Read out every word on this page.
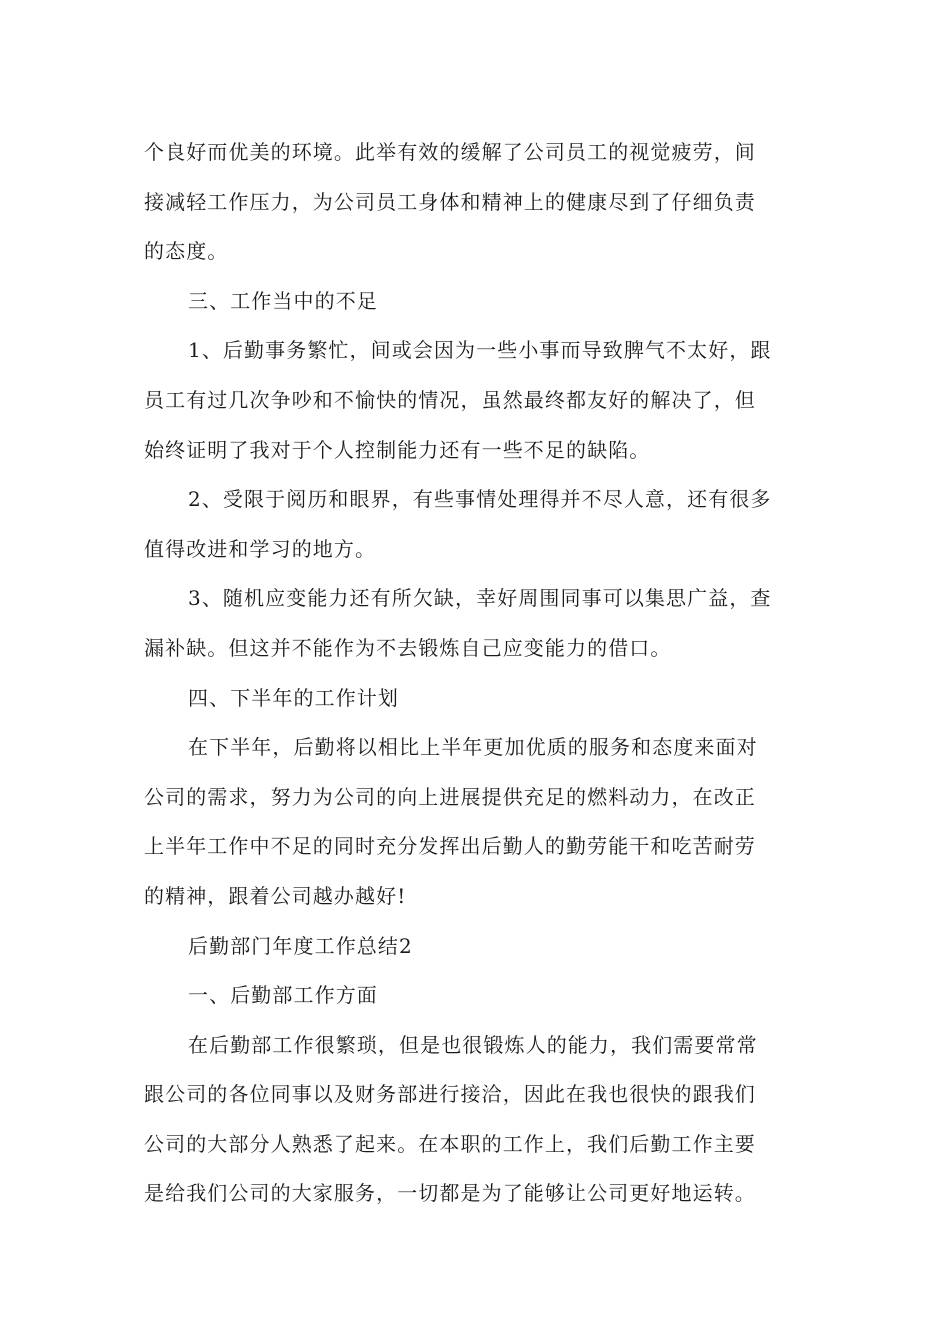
个良好而优美的环境。此举有效的缓解了公司员工的视觉疲劳，间
接减轻工作压力，为公司员工身体和精神上的健康尽到了仔细负责
的态度。
三、工作当中的不足
1、后勤事务繁忙，间或会因为一些小事而导致脾气不太好，跟
员工有过几次争吵和不愉快的情况，虽然最终都友好的解决了，但
始终证明了我对于个人控制能力还有一些不足的缺陷。
2、受限于阅历和眼界，有些事情处理得并不尽人意，还有很多
值得改进和学习的地方。
3、随机应变能力还有所欠缺，幸好周围同事可以集思广益，查
漏补缺。但这并不能作为不去锻炼自己应变能力的借口。
四、下半年的工作计划
在下半年，后勤将以相比上半年更加优质的服务和态度来面对
公司的需求，努力为公司的向上进展提供充足的燃料动力，在改正
上半年工作中不足的同时充分发挥出后勤人的勤劳能干和吃苦耐劳
的精神，跟着公司越办越好!
后勤部门年度工作总结2
一、后勤部工作方面
在后勤部工作很繁琐，但是也很锻炼人的能力，我们需要常常
跟公司的各位同事以及财务部进行接洽，因此在我也很快的跟我们
公司的大部分人熟悉了起来。在本职的工作上，我们后勤工作主要
是给我们公司的大家服务，一切都是为了能够让公司更好地运转。
